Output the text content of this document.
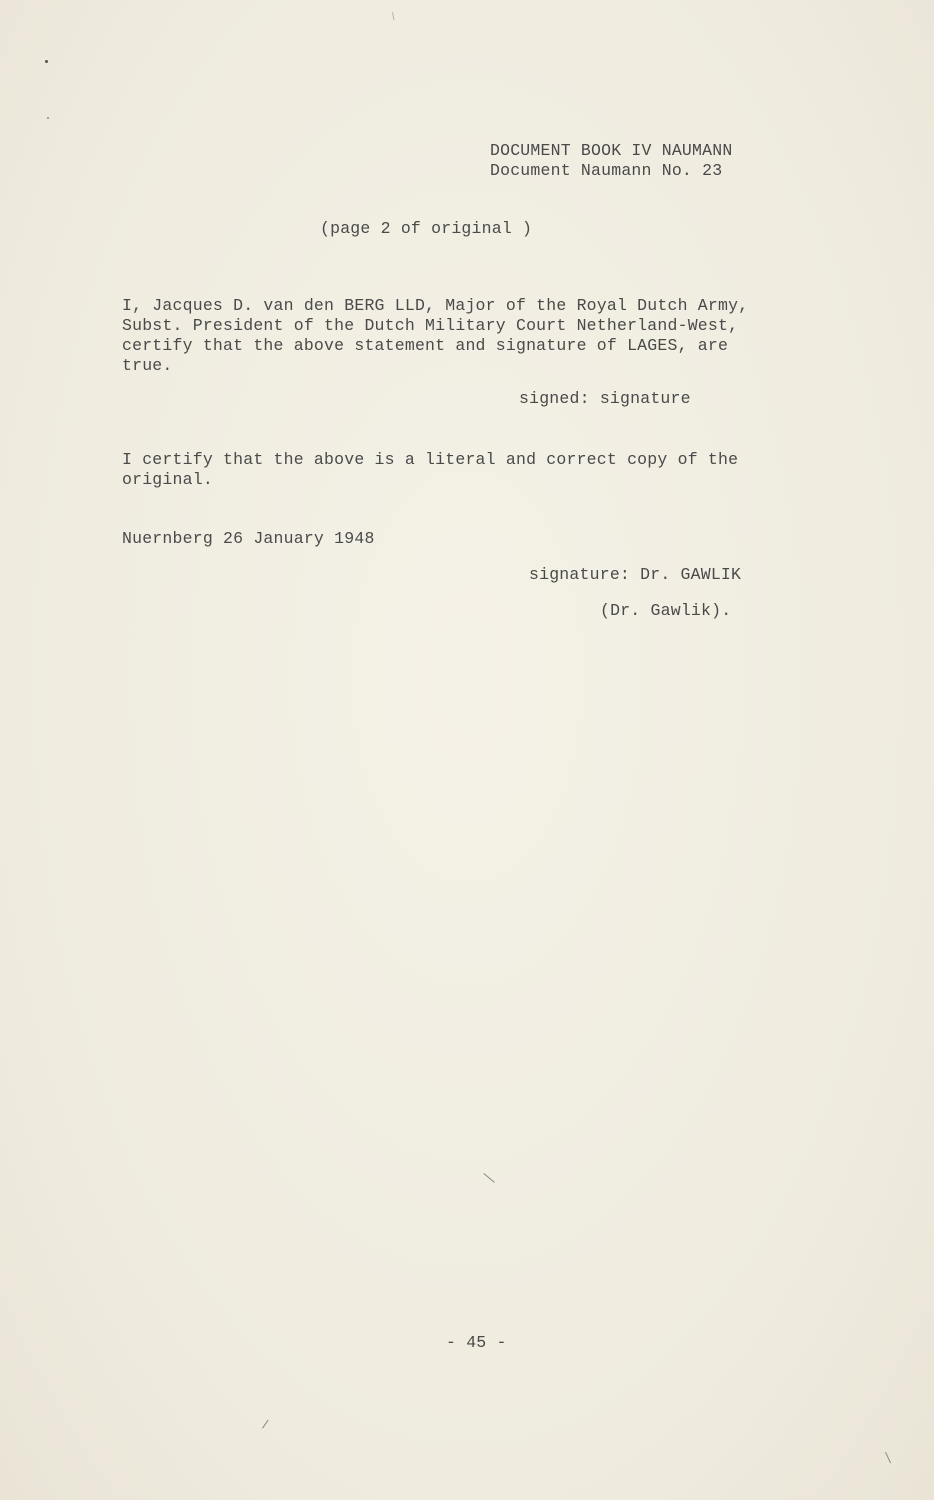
DOCUMENT BOOK IV NAUMANN
Document Naumann No. 23
(page 2 of original )
I, Jacques D. van den BERG LLD, Major of the Royal Dutch Army,
Subst. President of the Dutch Military Court Netherland-West,
certify that the above statement and signature of LAGES, are
true.
signed: signature
I certify that the above is a literal and correct copy of the
original.
Nuernberg 26 January 1948
signature: Dr. GAWLIK
(Dr. Gawlik).
- 45 -
